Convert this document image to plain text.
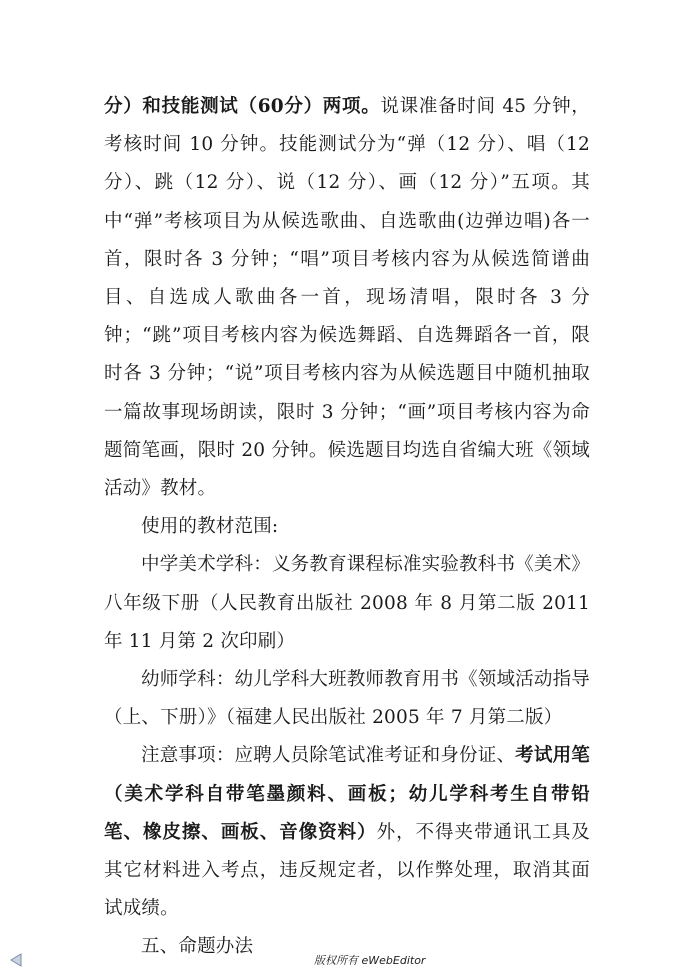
分）和技能测试（60分）两项。说课准备时间 45 分钟，考核时间 10 分钟。技能测试分为“弹（12 分）、唱（12 分）、跳（12 分）、说（12 分）、画（12 分）”五项。其中“弹”考核项目为从候选歌曲、自选歌曲(边弹边唱)各一首，限时各 3 分钟；“唱”项目考核内容为从候选简谱曲目、自选成人歌曲各一首，现场清唱，限时各 3 分钟；“跳”项目考核内容为候选舞蹈、自选舞蹈各一首，限时各 3 分钟；“说”项目考核内容为从候选题目中随机抽取一篇故事现场朗读，限时 3 分钟；“画”项目考核内容为命题简笔画，限时 20 分钟。候选题目均选自省编大班《领域活动》教材。

使用的教材范围:

中学美术学科：义务教育课程标准实验教科书《美术》八年级下册（人民教育出版社 2008 年 8 月第二版 2011 年 11 月第 2 次印刷）

幼师学科：幼儿学科大班教师教育用书《领域活动指导（上、下册）》（福建人民出版社 2005 年 7 月第二版）

注意事项：应聘人员除笔试准考证和身份证、考试用笔（美术学科自带笔墨颜料、画板；幼儿学科考生自带铅笔、橡皮擦、画板、音像资料）外，不得夹带通讯工具及其它材料进入考点，违反规定者，以作弊处理，取消其面试成绩。

五、命题办法

版权所有 eWebEditor
